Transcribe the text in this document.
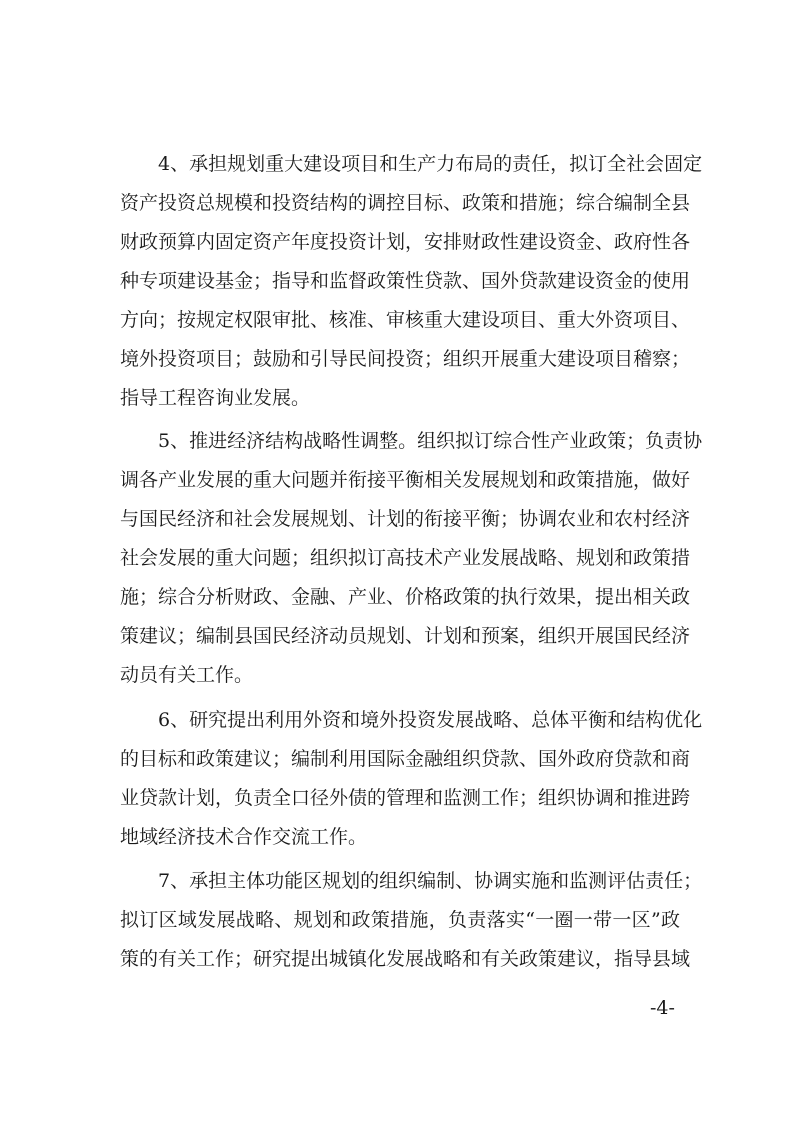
4、承担规划重大建设项目和生产力布局的责任，拟订全社会固定
资产投资总规模和投资结构的调控目标、政策和措施；综合编制全县
财政预算内固定资产年度投资计划，安排财政性建设资金、政府性各
种专项建设基金；指导和监督政策性贷款、国外贷款建设资金的使用
方向；按规定权限审批、核准、审核重大建设项目、重大外资项目、
境外投资项目；鼓励和引导民间投资；组织开展重大建设项目稽察；
指导工程咨询业发展。
5、推进经济结构战略性调整。组织拟订综合性产业政策；负责协
调各产业发展的重大问题并衔接平衡相关发展规划和政策措施，做好
与国民经济和社会发展规划、计划的衔接平衡；协调农业和农村经济
社会发展的重大问题；组织拟订高技术产业发展战略、规划和政策措
施；综合分析财政、金融、产业、价格政策的执行效果，提出相关政
策建议；编制县国民经济动员规划、计划和预案，组织开展国民经济
动员有关工作。
6、研究提出利用外资和境外投资发展战略、总体平衡和结构优化
的目标和政策建议；编制利用国际金融组织贷款、国外政府贷款和商
业贷款计划，负责全口径外债的管理和监测工作；组织协调和推进跨
地域经济技术合作交流工作。
7、承担主体功能区规划的组织编制、协调实施和监测评估责任；
拟订区域发展战略、规划和政策措施，负责落实“一圈一带一区”政
策的有关工作；研究提出城镇化发展战略和有关政策建议，指导县域
-4-
